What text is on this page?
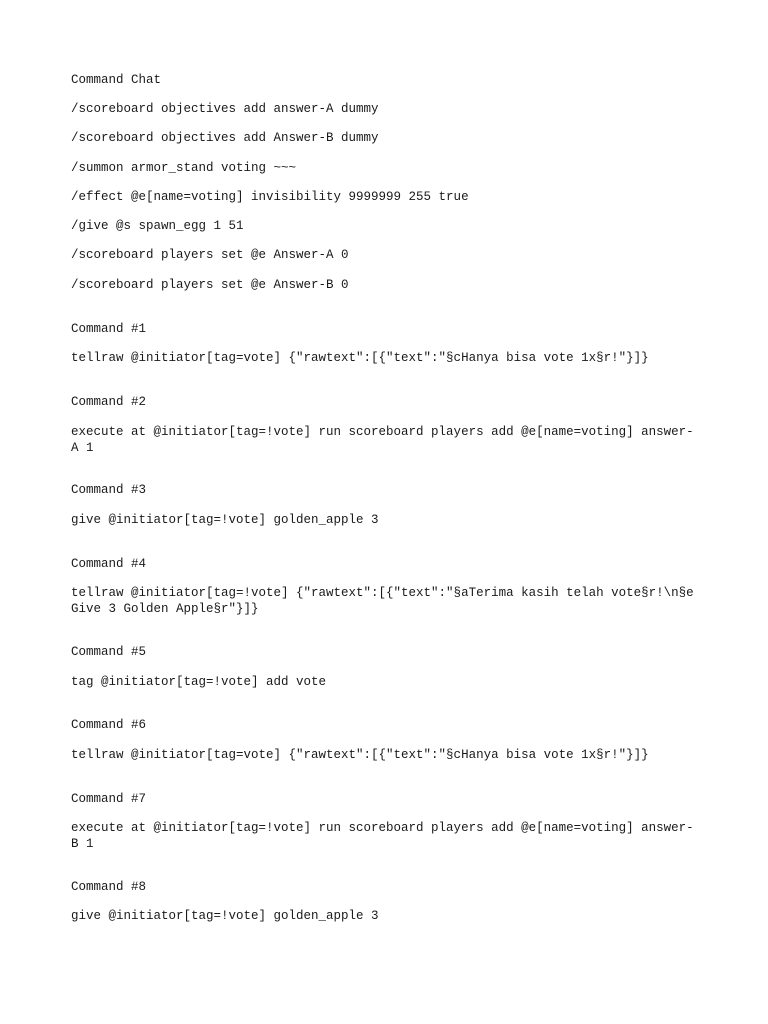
Command Chat

/scoreboard objectives add answer-A dummy

/scoreboard objectives add Answer-B dummy

/summon armor_stand voting ~~~

/effect @e[name=voting] invisibility 9999999 255 true

/give @s spawn_egg 1 51

/scoreboard players set @e Answer-A 0

/scoreboard players set @e Answer-B 0

Command #1

tellraw @initiator[tag=vote] {"rawtext":[{"text":"§cHanya bisa vote 1x§r!"}]}

Command #2

execute at @initiator[tag=!vote] run scoreboard players add @e[name=voting] answer-A 1

Command #3

give @initiator[tag=!vote] golden_apple 3

Command #4

tellraw @initiator[tag=!vote] {"rawtext":[{"text":"§aTerima kasih telah vote§r!\n§eGive 3 Golden Apple§r"}]}

Command #5

tag @initiator[tag=!vote] add vote

Command #6

tellraw @initiator[tag=vote] {"rawtext":[{"text":"§cHanya bisa vote 1x§r!"}]}

Command #7

execute at @initiator[tag=!vote] run scoreboard players add @e[name=voting] answer-B 1

Command #8

give @initiator[tag=!vote] golden_apple 3
